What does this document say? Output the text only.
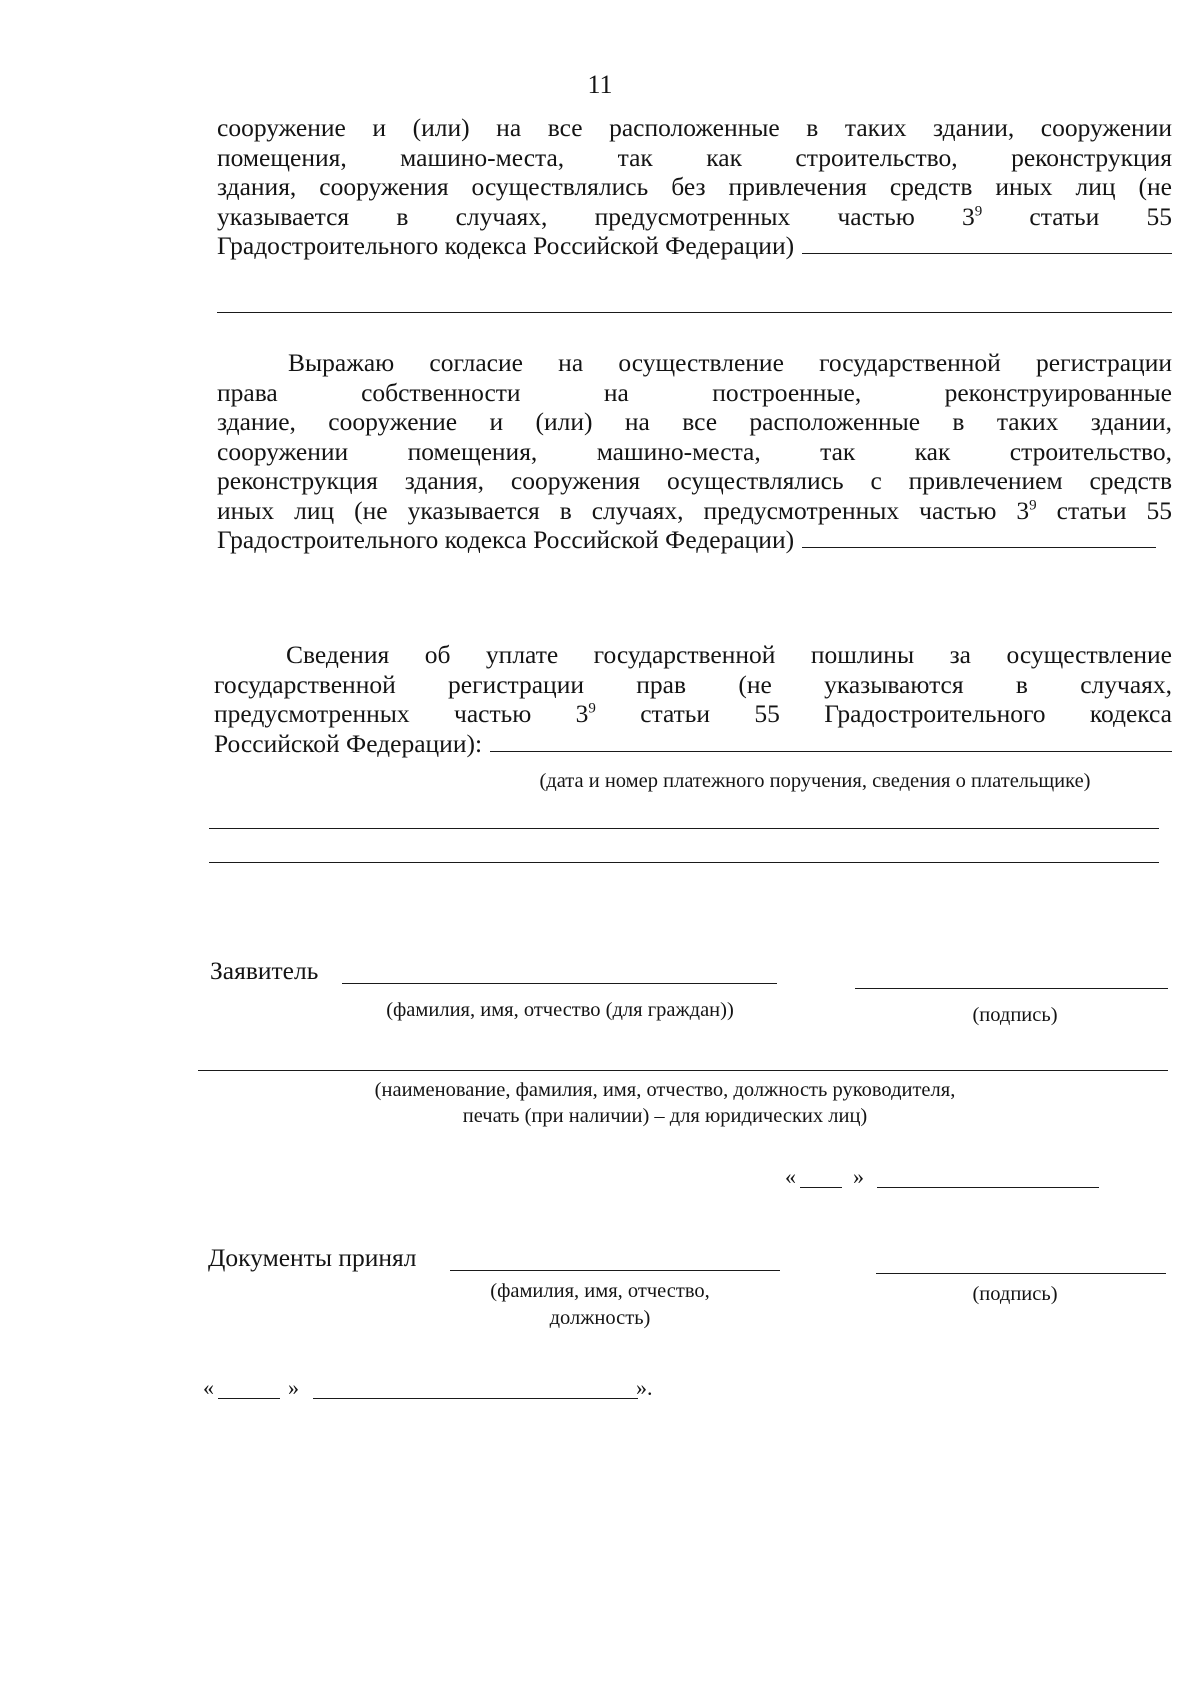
11
сооружение и (или) на все расположенные в таких здании, сооружении
помещения, машино-места, так как строительство, реконструкция
здания, сооружения осуществлялись без привлечения средств иных лиц (не
указывается в случаях, предусмотренных частью $3^9$ статьи 55
Градостроительного кодекса Российской Федерации)
Выражаю согласие на осуществление государственной регистрации
права собственности на построенные, реконструированные
здание, сооружение и (или) на все расположенные в таких здании,
сооружении помещения, машино-места, так как строительство,
реконструкция здания, сооружения осуществлялись с привлечением средств
иных лиц (не указывается в случаях, предусмотренных частью $3^9$ статьи 55
Градостроительного кодекса Российской Федерации)
Сведения об уплате государственной пошлины за осуществление
государственной регистрации прав (не указываются в случаях,
предусмотренных частью $3^9$ статьи 55 Градостроительного кодекса
Российской Федерации):
(дата и номер платежного поручения, сведения о плательщике)
Заявитель
(фамилия, имя, отчество (для граждан))	(подпись)
(наименование, фамилия, имя, отчество, должность руководителя,
печать (при наличии) – для юридических лиц)
«	»
Документы принял
(фамилия, имя, отчество,
должность)
(подпись)
«	»	».
